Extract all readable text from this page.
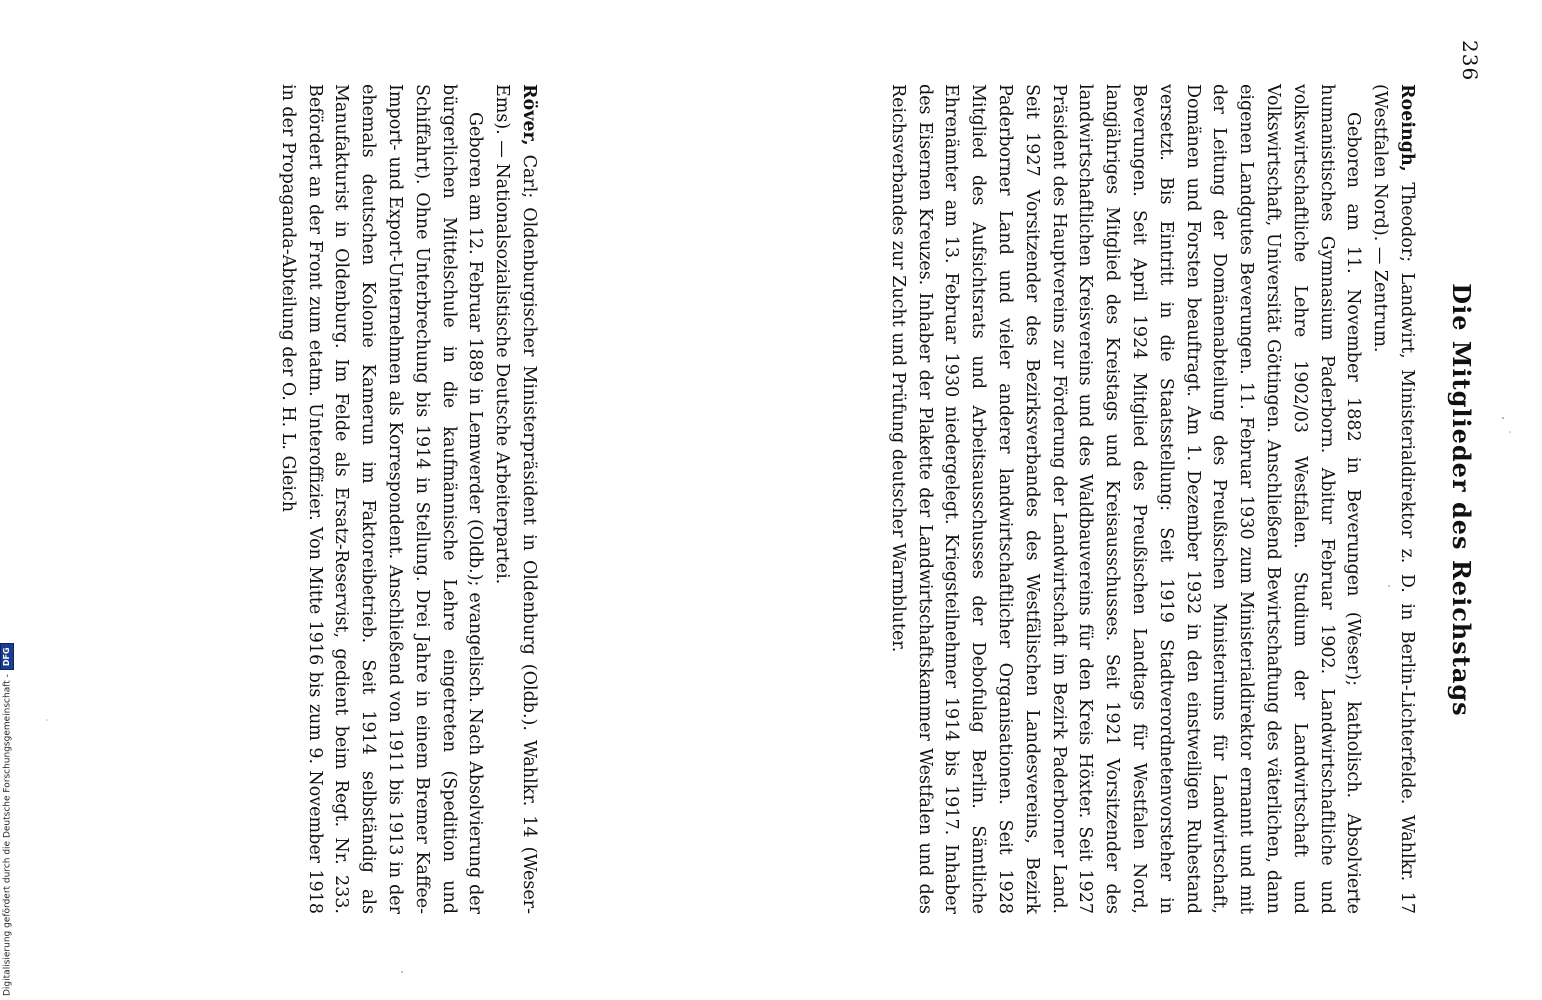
236
Die Mitglieder des Reichstags

Roeingh, Theodor; Landwirt, Ministerialdirektor z. D. in Berlin-Lichterfelde. Wahlkr. 17 (Westfalen Nord). — Zentrum.

Geboren am 11. November 1882 in Beverungen (Weser); katholisch. Absolvierte humanistisches Gymnasium Paderborn. Abitur Februar 1902. Landwirtschaftliche und volkswirtschaftliche Lehre 1902/03 Westfalen. Studium der Landwirtschaft und Volkswirtschaft, Universität Göttingen. Anschließend Bewirtschaftung des väterlichen, dann eigenen Landgutes Beverungen. 11. Februar 1930 zum Ministerialdirektor ernannt und mit der Leitung der Domänenabteilung des Preußischen Ministeriums für Landwirtschaft, Domänen und Forsten beauftragt. Am 1. Dezember 1932 in den einstweiligen Ruhestand versetzt. Bis Eintritt in die Staatsstellung: Seit 1919 Stadtverordnetenvorsteher in Beverungen. Seit April 1924 Mitglied des Preußischen Landtags für Westfalen Nord, langjähriges Mitglied des Kreistags und Kreisausschusses. Seit 1921 Vorsitzender des landwirtschaftlichen Kreisvereins und des Waldbauvereins für den Kreis Höxter. Seit 1927 Präsident des Hauptvereins zur Förderung der Landwirtschaft im Bezirk Paderborner Land. Seit 1927 Vorsitzender des Bezirksverbandes des Westfälischen Landesvereins, Bezirk Paderborner Land und vieler anderer landwirtschaftlicher Organisationen. Seit 1928 Mitglied des Aufsichtsrats und Arbeitsausschusses der Debofulag Berlin. Sämtliche Ehrenämter am 13. Februar 1930 niedergelegt. Kriegsteilnehmer 1914 bis 1917. Inhaber des Eisernen Kreuzes. Inhaber der Plakette der Landwirtschaftskammer Westfalen und des Reichsverbandes zur Zucht und Prüfung deutscher Warmbluter.

Röver, Carl; Oldenburgischer Ministerpräsident in Oldenburg (Oldb.). Wahlkr. 14 (Weser-Ems). — Nationalsozialistische Deutsche Arbeiterpartei.

Geboren am 12. Februar 1889 in Lemwerder (Oldb.); evangelisch. Nach Absolvierung der bürgerlichen Mittelschule in die kaufmännische Lehre eingetreten (Spedition und Schiffahrt). Ohne Unterbrechung bis 1914 in Stellung. Drei Jahre in einem Bremer Kaffee-Import- und Export-Unternehmen als Korrespondent. Anschließend von 1911 bis 1913 in der ehemals deutschen Kolonie Kamerun im Faktoreibetrieb. Seit 1914 selbständig als Manufakturist in Oldenburg. Im Felde als Ersatz-Reservist, gedient beim Regt. Nr. 233. Befördert an der Front zum etatm. Unteroffizier. Von Mitte 1916 bis zum 9. November 1918 in der Propaganda-Abteilung der O. H. L. Gleich

Digitalisierung gefördert durch die Deutsche Forschungsgemeinschaft -DFG
